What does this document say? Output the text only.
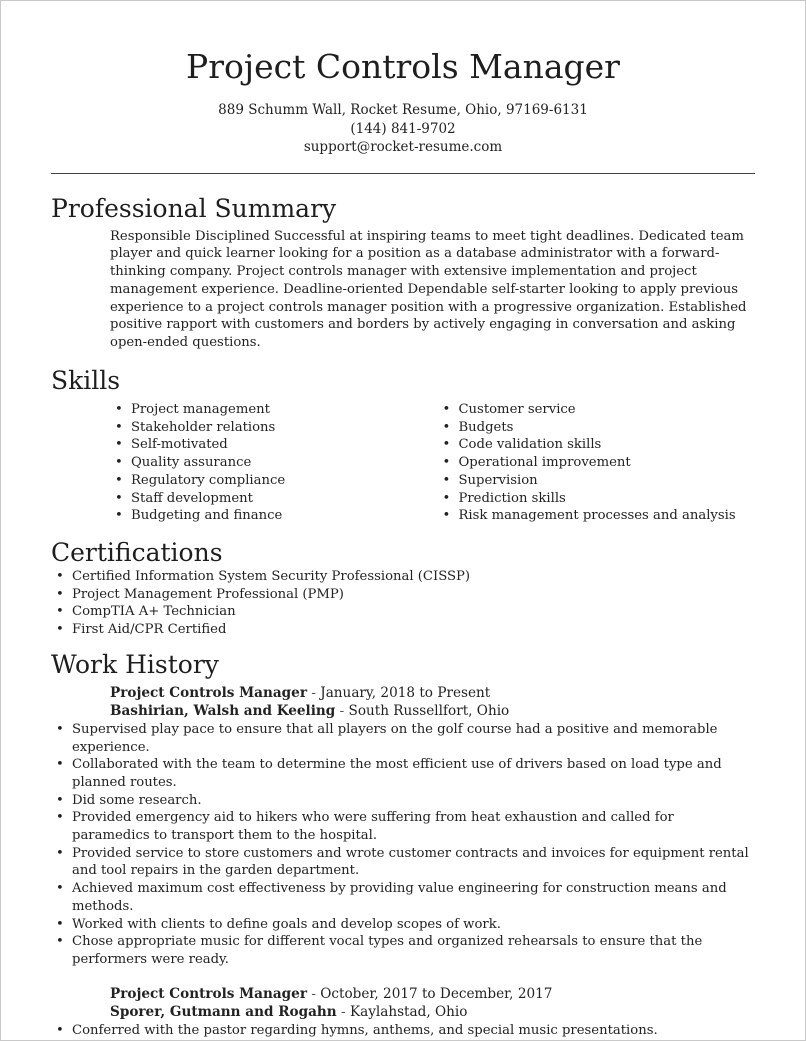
Project Controls Manager
889 Schumm Wall, Rocket Resume, Ohio, 97169-6131
(144) 841-9702
support@rocket-resume.com
Professional Summary
Responsible Disciplined Successful at inspiring teams to meet tight deadlines. Dedicated team player and quick learner looking for a position as a database administrator with a forward-thinking company. Project controls manager with extensive implementation and project management experience. Deadline-oriented Dependable self-starter looking to apply previous experience to a project controls manager position with a progressive organization. Established positive rapport with customers and borders by actively engaging in conversation and asking open-ended questions.
Skills
• Project management
• Stakeholder relations
• Self-motivated
• Quality assurance
• Regulatory compliance
• Staff development
• Budgeting and finance
• Customer service
• Budgets
• Code validation skills
• Operational improvement
• Supervision
• Prediction skills
• Risk management processes and analysis
Certifications
• Certified Information System Security Professional (CISSP)
• Project Management Professional (PMP)
• CompTIA A+ Technician
• First Aid/CPR Certified
Work History
Project Controls Manager - January, 2018 to Present
Bashirian, Walsh and Keeling - South Russellfort, Ohio
• Supervised play pace to ensure that all players on the golf course had a positive and memorable experience.
• Collaborated with the team to determine the most efficient use of drivers based on load type and planned routes.
• Did some research.
• Provided emergency aid to hikers who were suffering from heat exhaustion and called for paramedics to transport them to the hospital.
• Provided service to store customers and wrote customer contracts and invoices for equipment rental and tool repairs in the garden department.
• Achieved maximum cost effectiveness by providing value engineering for construction means and methods.
• Worked with clients to define goals and develop scopes of work.
• Chose appropriate music for different vocal types and organized rehearsals to ensure that the performers were ready.
Project Controls Manager - October, 2017 to December, 2017
Sporer, Gutmann and Rogahn - Kaylahstad, Ohio
• Conferred with the pastor regarding hymns, anthems, and special music presentations.
